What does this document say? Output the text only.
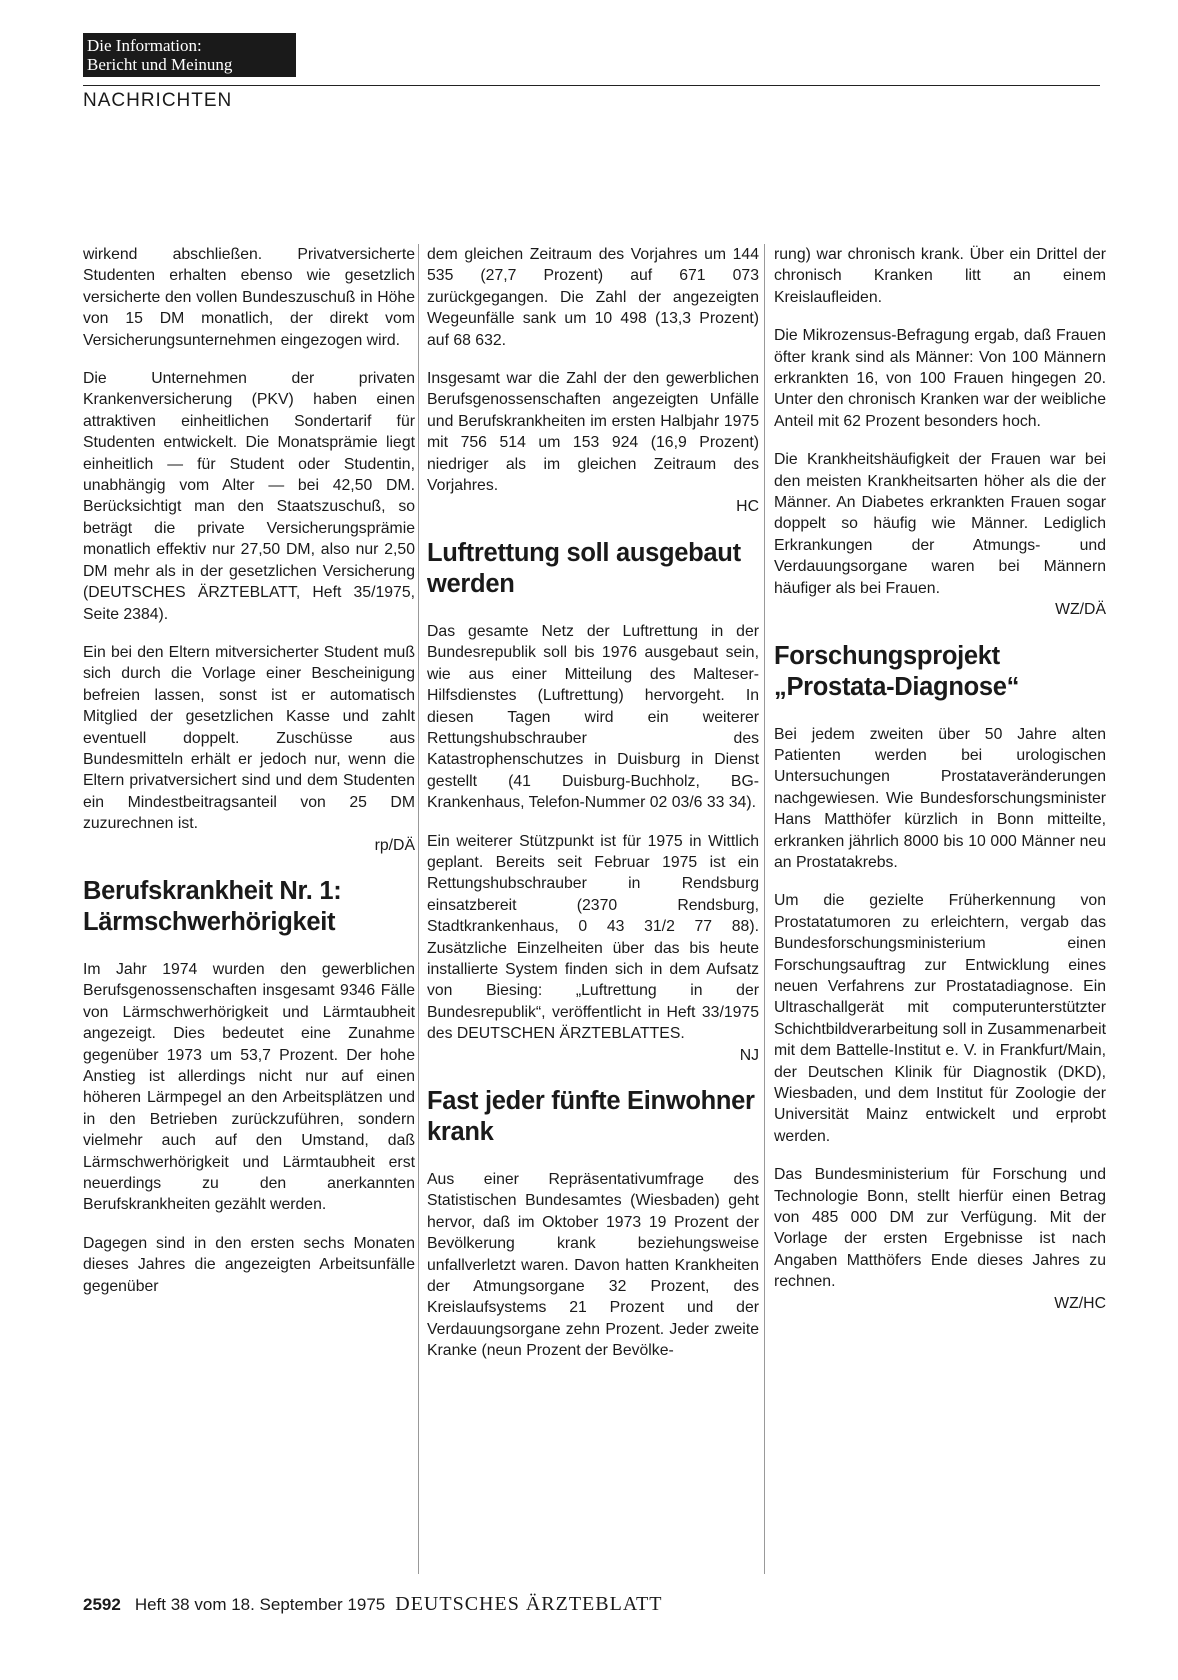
Die Information:
Bericht und Meinung
NACHRICHTEN

wirkend abschließen. Privatversicherte Studenten erhalten ebenso wie gesetzlich versicherte den vollen Bundeszuschuß in Höhe von 15 DM monatlich, der direkt vom Versicherungsunternehmen eingezogen wird.

Die Unternehmen der privaten Krankenversicherung (PKV) haben einen attraktiven einheitlichen Sondertarif für Studenten entwickelt. Die Monatsprämie liegt einheitlich — für Student oder Studentin, unabhängig vom Alter — bei 42,50 DM. Berücksichtigt man den Staatszuschuß, so beträgt die private Versicherungsprämie monatlich effektiv nur 27,50 DM, also nur 2,50 DM mehr als in der gesetzlichen Versicherung (DEUTSCHES ÄRZTEBLATT, Heft 35/1975, Seite 2384).

Ein bei den Eltern mitversicherter Student muß sich durch die Vorlage einer Bescheinigung befreien lassen, sonst ist er automatisch Mitglied der gesetzlichen Kasse und zahlt eventuell doppelt. Zuschüsse aus Bundesmitteln erhält er jedoch nur, wenn die Eltern privatversichert sind und dem Studenten ein Mindestbeitragsanteil von 25 DM zuzurechnen ist.
rp/DÄ

Berufskrankheit Nr. 1: Lärmschwerhörigkeit

Im Jahr 1974 wurden den gewerblichen Berufsgenossenschaften insgesamt 9346 Fälle von Lärmschwerhörigkeit und Lärmtaubheit angezeigt. Dies bedeutet eine Zunahme gegenüber 1973 um 53,7 Prozent. Der hohe Anstieg ist allerdings nicht nur auf einen höheren Lärmpegel an den Arbeitsplätzen und in den Betrieben zurückzuführen, sondern vielmehr auch auf den Umstand, daß Lärmschwerhörigkeit und Lärmtaubheit erst neuerdings zu den anerkannten Berufskrankheiten gezählt werden.

Dagegen sind in den ersten sechs Monaten dieses Jahres die angezeigten Arbeitsunfälle gegenüber

dem gleichen Zeitraum des Vorjahres um 144 535 (27,7 Prozent) auf 671 073 zurückgegangen. Die Zahl der angezeigten Wegeunfälle sank um 10 498 (13,3 Prozent) auf 68 632.

Insgesamt war die Zahl der den gewerblichen Berufsgenossenschaften angezeigten Unfälle und Berufskrankheiten im ersten Halbjahr 1975 mit 756 514 um 153 924 (16,9 Prozent) niedriger als im gleichen Zeitraum des Vorjahres.
HC

Luftrettung soll ausgebaut werden

Das gesamte Netz der Luftrettung in der Bundesrepublik soll bis 1976 ausgebaut sein, wie aus einer Mitteilung des Malteser-Hilfsdienstes (Luftrettung) hervorgeht. In diesen Tagen wird ein weiterer Rettungshubschrauber des Katastrophenschutzes in Duisburg in Dienst gestellt (41 Duisburg-Buchholz, BG-Krankenhaus, Telefon-Nummer 02 03/6 33 34).

Ein weiterer Stützpunkt ist für 1975 in Wittlich geplant. Bereits seit Februar 1975 ist ein Rettungshubschrauber in Rendsburg einsatzbereit (2370 Rendsburg, Stadtkrankenhaus, 0 43 31/2 77 88). Zusätzliche Einzelheiten über das bis heute installierte System finden sich in dem Aufsatz von Biesing: „Luftrettung in der Bundesrepublik“, veröffentlicht in Heft 33/1975 des DEUTSCHEN ÄRZTEBLATTES.
NJ

Fast jeder fünfte Einwohner krank

Aus einer Repräsentativumfrage des Statistischen Bundesamtes (Wiesbaden) geht hervor, daß im Oktober 1973 19 Prozent der Bevölkerung krank beziehungsweise unfallverletzt waren. Davon hatten Krankheiten der Atmungsorgane 32 Prozent, des Kreislaufsystems 21 Prozent und der Verdauungsorgane zehn Prozent. Jeder zweite Kranke (neun Prozent der Bevölke-

rung) war chronisch krank. Über ein Drittel der chronisch Kranken litt an einem Kreislaufleiden.

Die Mikrozensus-Befragung ergab, daß Frauen öfter krank sind als Männer: Von 100 Männern erkrankten 16, von 100 Frauen hingegen 20. Unter den chronisch Kranken war der weibliche Anteil mit 62 Prozent besonders hoch.

Die Krankheitshäufigkeit der Frauen war bei den meisten Krankheitsarten höher als die der Männer. An Diabetes erkrankten Frauen sogar doppelt so häufig wie Männer. Lediglich Erkrankungen der Atmungs- und Verdauungsorgane waren bei Männern häufiger als bei Frauen.
WZ/DÄ

Forschungsprojekt „Prostata-Diagnose“

Bei jedem zweiten über 50 Jahre alten Patienten werden bei urologischen Untersuchungen Prostataveränderungen nachgewiesen. Wie Bundesforschungsminister Hans Matthöfer kürzlich in Bonn mitteilte, erkranken jährlich 8000 bis 10 000 Männer neu an Prostatakrebs.

Um die gezielte Früherkennung von Prostatatumoren zu erleichtern, vergab das Bundesforschungsministerium einen Forschungsauftrag zur Entwicklung eines neuen Verfahrens zur Prostatadiagnose. Ein Ultraschallgerät mit computerunterstützter Schichtbildverarbeitung soll in Zusammenarbeit mit dem Battelle-Institut e. V. in Frankfurt/Main, der Deutschen Klinik für Diagnostik (DKD), Wiesbaden, und dem Institut für Zoologie der Universität Mainz entwickelt und erprobt werden.

Das Bundesministerium für Forschung und Technologie Bonn, stellt hierfür einen Betrag von 485 000 DM zur Verfügung. Mit der Vorlage der ersten Ergebnisse ist nach Angaben Matthöfers Ende dieses Jahres zu rechnen.
WZ/HC

2592 Heft 38 vom 18. September 1975 DEUTSCHES ÄRZTEBLATT
